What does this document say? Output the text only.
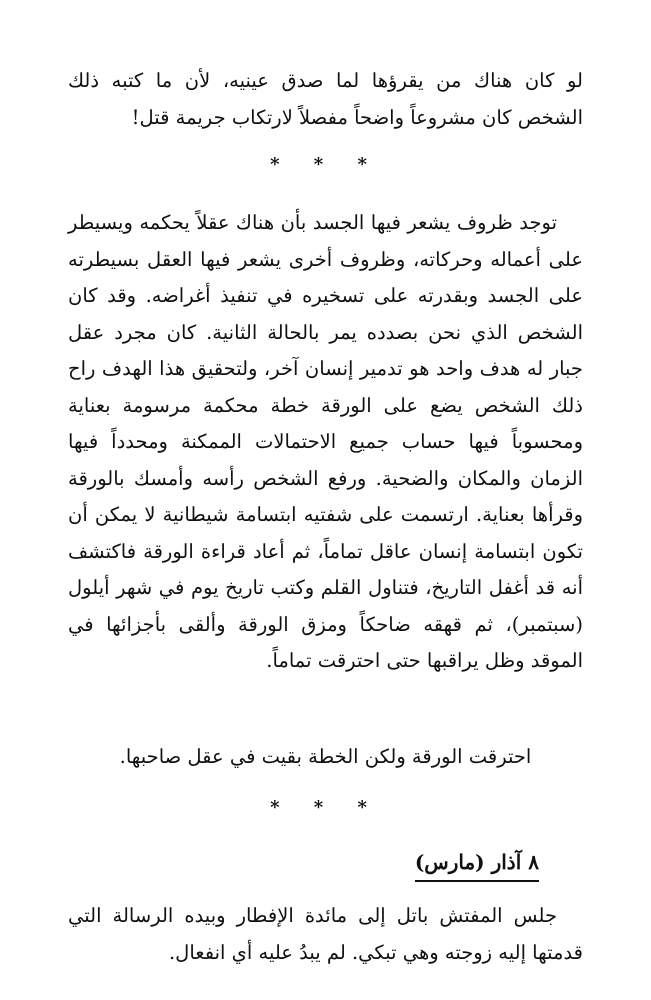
لو كان هناك من يقرؤها لما صدق عينيه، لأن ما كتبه ذلك الشخص كان مشروعاً واضحاً مفصلاً لارتكاب جريمة قتل!

* * *

توجد ظروف يشعر فيها الجسد بأن هناك عقلاً يحكمه ويسيطر على أعماله وحركاته، وظروف أخرى يشعر فيها العقل بسيطرته على الجسد وبقدرته على تسخيره في تنفيذ أغراضه. وقد كان الشخص الذي نحن بصدده يمر بالحالة الثانية. كان مجرد عقل جبار له هدف واحد هو تدمير إنسان آخر، ولتحقيق هذا الهدف راح ذلك الشخص يضع على الورقة خطة محكمة مرسومة بعناية ومحسوباً فيها حساب جميع الاحتمالات الممكنة ومحدداً فيها الزمان والمكان والضحية. ورفع الشخص رأسه وأمسك بالورقة وقرأها بعناية. ارتسمت على شفتيه ابتسامة شيطانية لا يمكن أن تكون ابتسامة إنسان عاقل تماماً، ثم أعاد قراءة الورقة فاكتشف أنه قد أغفل التاريخ، فتناول القلم وكتب تاريخ يوم في شهر أيلول (سبتمبر)، ثم قهقه ضاحكاً ومزق الورقة وألقى بأجزائها في الموقد وظل يراقبها حتى احترقت تماماً.

احترقت الورقة ولكن الخطة بقيت في عقل صاحبها.
* * *
٨ آذار (مارس)

جلس المفتش باتل إلى مائدة الإفطار وبيده الرسالة التي قدمتها إليه زوجته وهي تبكي. لم يبدُ عليه أي انفعال.
